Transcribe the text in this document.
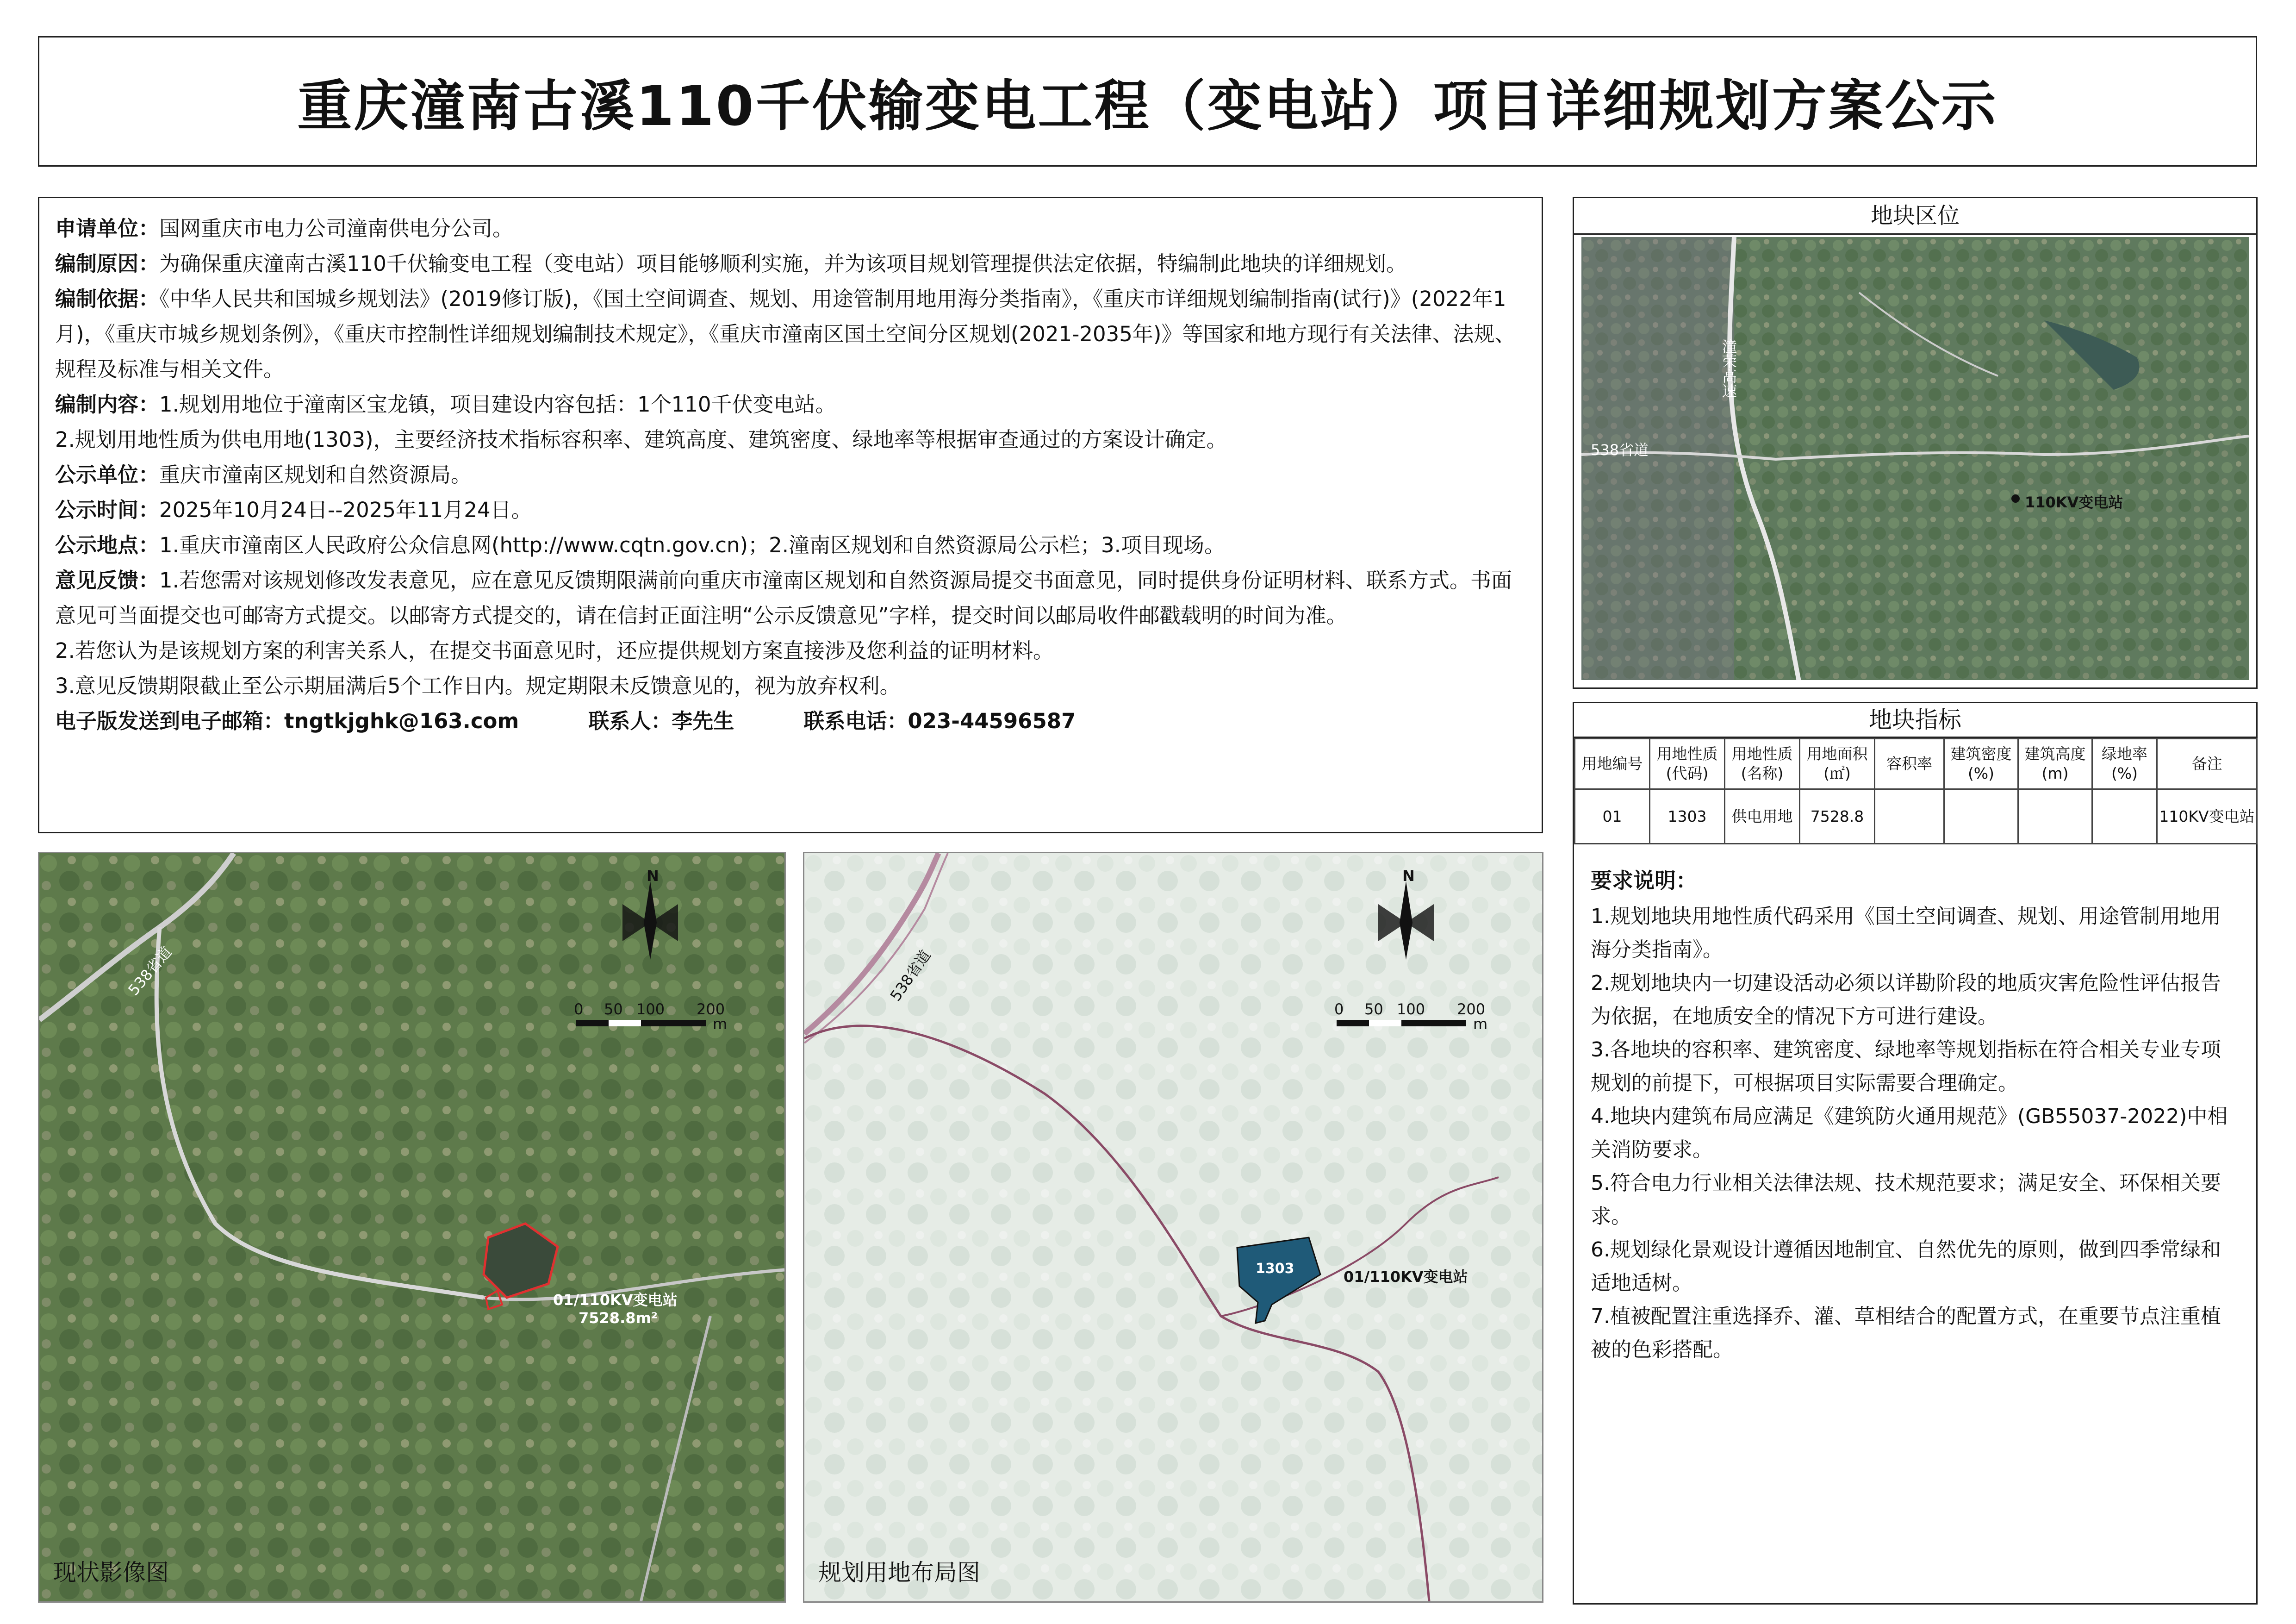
重庆潼南古溪110千伏输变电工程（变电站）项目详细规划方案公示

申请单位：国网重庆市电力公司潼南供电分公司。

编制原因：为确保重庆潼南古溪110千伏输变电工程（变电站）项目能够顺利实施，并为该项目规划管理提供法定依据，特编制此地块的详细规划。

编制依据：《中华人民共和国城乡规划法》(2019修订版)，《国土空间调查、规划、用途管制用地用海分类指南》，《重庆市详细规划编制指南(试行)》(2022年1月)，《重庆市城乡规划条例》，《重庆市控制性详细规划编制技术规定》，《重庆市潼南区国土空间分区规划(2021-2035年)》等国家和地方现行有关法律、法规、规程及标准与相关文件。

编制内容：1.规划用地位于潼南区宝龙镇，项目建设内容包括：1个110千伏变电站。

2.规划用地性质为供电用地(1303)，主要经济技术指标容积率、建筑高度、建筑密度、绿地率等根据审查通过的方案设计确定。

公示单位：重庆市潼南区规划和自然资源局。

公示时间：2025年10月24日--2025年11月24日。

公示地点：1.重庆市潼南区人民政府公众信息网(http://www.cqtn.gov.cn)；2.潼南区规划和自然资源局公示栏；3.项目现场。

意见反馈：1.若您需对该规划修改发表意见，应在意见反馈期限满前向重庆市潼南区规划和自然资源局提交书面意见，同时提供身份证明材料、联系方式。书面意见可当面提交也可邮寄方式提交。以邮寄方式提交的，请在信封正面注明“公示反馈意见”字样，提交时间以邮局收件邮戳载明的时间为准。

2.若您认为是该规划方案的利害关系人，在提交书面意见时，还应提供规划方案直接涉及您利益的证明材料。

3.意见反馈期限截止至公示期届满后5个工作日内。规定期限未反馈意见的，视为放弃权利。

电子版发送到电子邮箱：tngtkjghk@163.com	联系人：李先生	联系电话：023-44596587

地块区位
潼荣高速
538省道
110KV变电站
地块指标
用地编号	用地性质(代码)	用地性质(名称)	用地面积(㎡)	容积率	建筑密度(%)	建筑高度(m)	绿地率(%)	备注
01	1303	供电用地	7528.8					110KV变电站
要求说明：

1.规划地块用地性质代码采用《国土空间调查、规划、用途管制用地用海分类指南》。

2.规划地块内一切建设活动必须以详勘阶段的地质灾害危险性评估报告为依据，在地质安全的情况下方可进行建设。

3.各地块的容积率、建筑密度、绿地率等规划指标在符合相关专业专项规划的前提下，可根据项目实际需要合理确定。

4.地块内建筑布局应满足《建筑防火通用规范》(GB55037-2022)中相关消防要求。

5.符合电力行业相关法律法规、技术规范要求；满足安全、环保相关要求。

6.规划绿化景观设计遵循因地制宜、自然优先的原则，做到四季常绿和适地适树。

7.植被配置注重选择乔、灌、草相结合的配置方式，在重要节点注重植被的色彩搭配。

N
0 50 100 200
m
538省道
01/110KV变电站
7528.8m²
现状影像图
N
0 50 100 200
m
538省道
1303	01/110KV变电站
规划用地布局图
